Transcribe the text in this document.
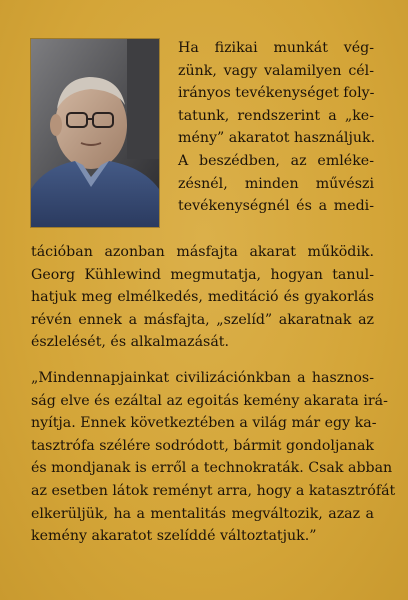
Ha fizikai munkát vég-
zünk, vagy valamilyen cél-
irányos tevékenységet foly-
tatunk, rendszerint a „ke-
mény” akaratot használjuk.
A beszédben, az emléke-
zésnél, minden művészi
tevékenységnél és a medi-
tációban azonban másfajta akarat működik.
Georg Kühlewind megmutatja, hogyan tanul-
hatjuk meg elmélkedés, meditáció és gyakorlás
révén ennek a másfajta, „szelíd” akaratnak az
észlelését, és alkalmazását.
„Mindennapjainkat civilizációnkban a hasznos-
ság elve és ezáltal az egoitás kemény akarata irá-
nyítja. Ennek következtében a világ már egy ka-
tasztrófa szélére sodródott, bármit gondoljanak
és mondjanak is erről a technokraták. Csak abban
az esetben látok reményt arra, hogy a katasztrófát
elkerüljük, ha a mentalitás megváltozik, azaz a
kemény akaratot szelíddé változtatjuk.”
